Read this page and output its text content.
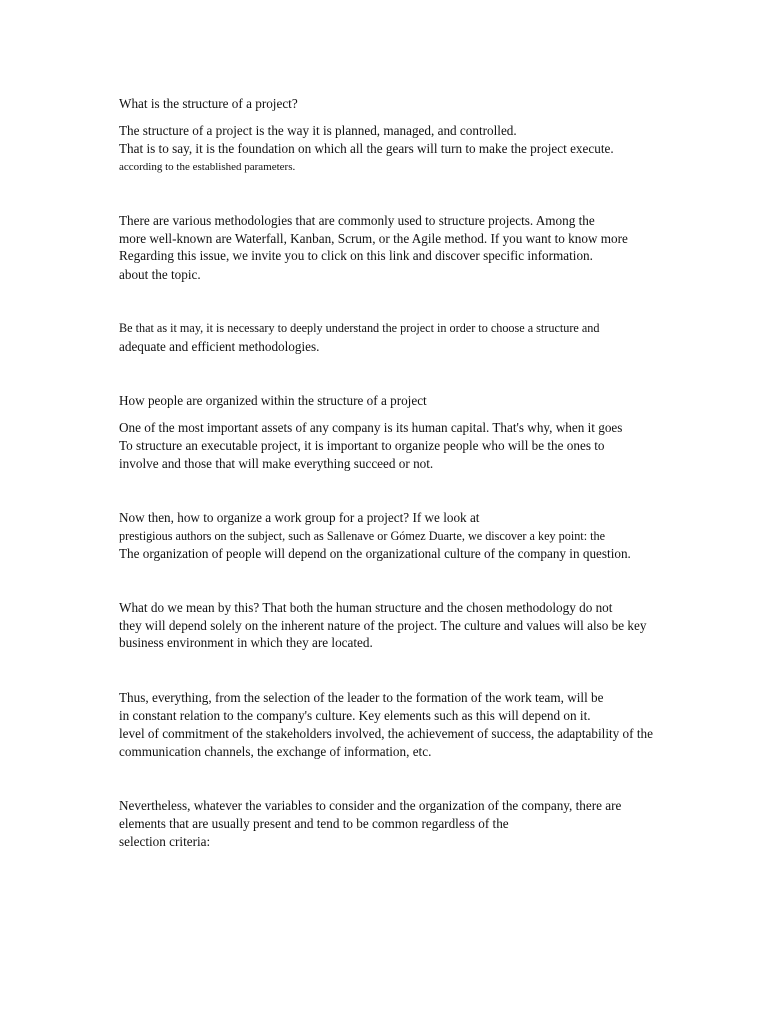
What is the structure of a project?
The structure of a project is the way it is planned, managed, and controlled.
That is to say, it is the foundation on which all the gears will turn to make the project execute.
according to the established parameters.
There are various methodologies that are commonly used to structure projects. Among the
more well-known are Waterfall, Kanban, Scrum, or the Agile method. If you want to know more
Regarding this issue, we invite you to click on this link and discover specific information.
about the topic.
Be that as it may, it is necessary to deeply understand the project in order to choose a structure and
adequate and efficient methodologies.
How people are organized within the structure of a project
One of the most important assets of any company is its human capital. That's why, when it goes
To structure an executable project, it is important to organize people who will be the ones to
involve and those that will make everything succeed or not.
Now then, how to organize a work group for a project? If we look at
prestigious authors on the subject, such as Sallenave or Gómez Duarte, we discover a key point: the
The organization of people will depend on the organizational culture of the company in question.
What do we mean by this? That both the human structure and the chosen methodology do not
they will depend solely on the inherent nature of the project. The culture and values will also be key
business environment in which they are located.
Thus, everything, from the selection of the leader to the formation of the work team, will be
in constant relation to the company's culture. Key elements such as this will depend on it.
level of commitment of the stakeholders involved, the achievement of success, the adaptability of the
communication channels, the exchange of information, etc.
Nevertheless, whatever the variables to consider and the organization of the company, there are
elements that are usually present and tend to be common regardless of the
selection criteria:
